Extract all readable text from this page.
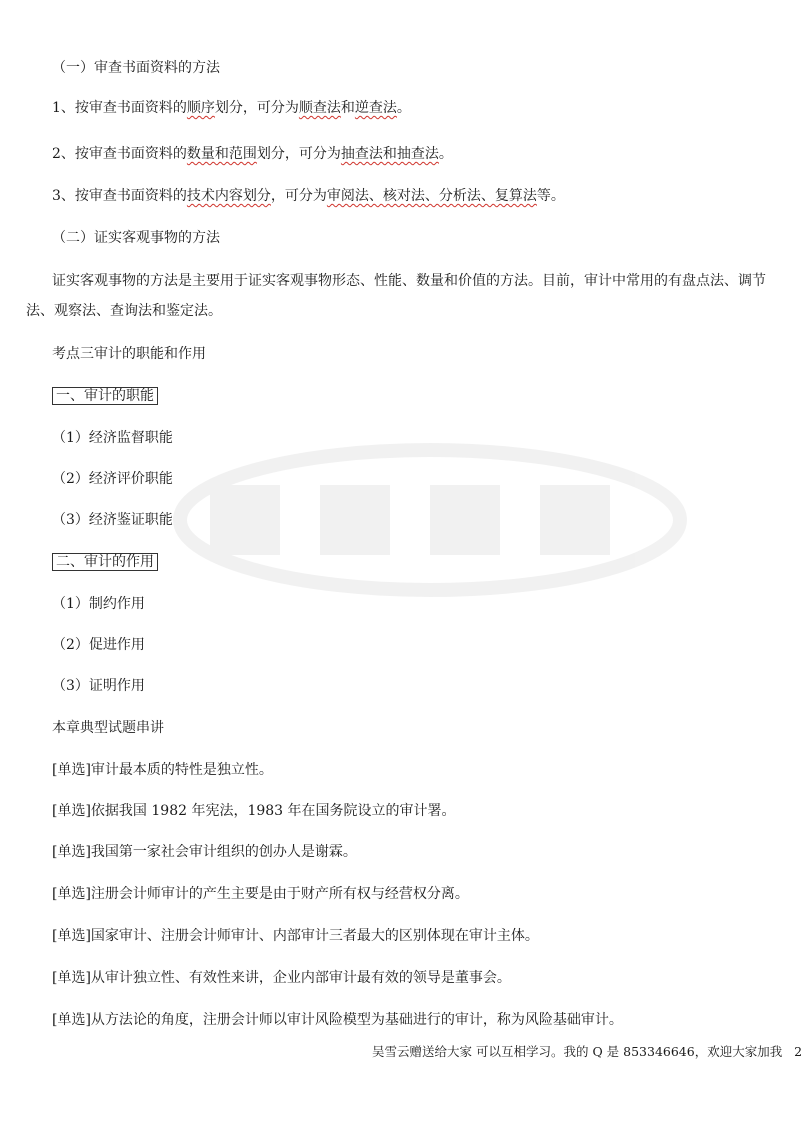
（一）审查书面资料的方法
1、按审查书面资料的顺序划分，可分为顺查法和逆查法。
2、按审查书面资料的数量和范围划分，可分为抽查法和抽查法。
3、按审查书面资料的技术内容划分，可分为审阅法、核对法、分析法、复算法等。
（二）证实客观事物的方法
证实客观事物的方法是主要用于证实客观事物形态、性能、数量和价值的方法。目前，审计中常用的有盘点法、调节法、观察法、查询法和鉴定法。
考点三审计的职能和作用
一、审计的职能
（1）经济监督职能
（2）经济评价职能
（3）经济鉴证职能
二、审计的作用
（1）制约作用
（2）促进作用
（3）证明作用
本章典型试题串讲
[单选]审计最本质的特性是独立性。
[单选]依据我国 1982 年宪法，1983 年在国务院设立的审计署。
[单选]我国第一家社会审计组织的创办人是谢霖。
[单选]注册会计师审计的产生主要是由于财产所有权与经营权分离。
[单选]国家审计、注册会计师审计、内部审计三者最大的区别体现在审计主体。
[单选]从审计独立性、有效性来讲，企业内部审计最有效的领导是董事会。
[单选]从方法论的角度，注册会计师以审计风险模型为基础进行的审计，称为风险基础审计。
吴雪云赠送给大家 可以互相学习。我的 Q 是 853346646，欢迎大家加我 2
